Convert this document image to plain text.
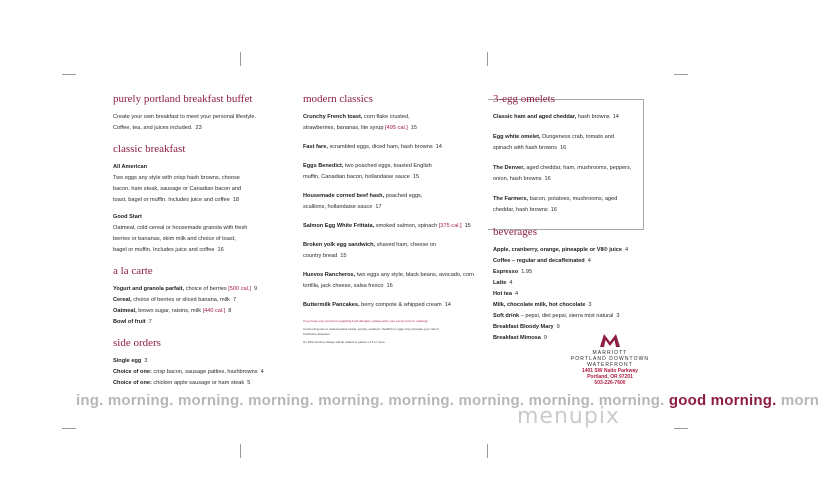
purely portland breakfast buffet
Create your own breakfast to meet your personal lifestyle.
Coffee, tea, and juices included. 23
classic breakfast
All American
Two eggs any style with crisp hash browns, choose
bacon, ham steak, sausage or Canadian bacon and
toast, bagel or muffin. Includes juice and coffee 18
Good Start
Oatmeal, cold cereal or housemade granola with fresh
berries or bananas, skim milk and choice of toast,
bagel or muffin. Includes juice and coffee 16
a la carte
Yogurt and granola parfait, choice of berries [500 cal.] 9
Cereal, choice of berries or sliced banana, milk 7
Oatmeal, brown sugar, raisins, milk [440 cal.] 8
Bowl of fruit 7
side orders
Single egg 3
Choice of one: crisp bacon, sausage patties, hashbrowns 4
Choice of one: chicken apple sausage or ham steak 5
modern classics
Crunchy French toast, corn flake crusted,
strawberries, bananas, lite syrup [495 cal.] 15
Fast fare, scrambled eggs, diced ham, hash browns 14
Eggs Benedict, two poached eggs, toasted English
muffin, Canadian bacon, hollandaise sauce 15
Housemade corned beef hash, poached eggs,
scallions, hollandaise sauce 17
Salmon Egg White Frittata, smoked salmon, spinach [375 cal.] 15
Broken yolk egg sandwich, shaved ham, cheese on
country bread 15
Huevos Rancheros, two eggs any style, black beans, avocado, corn
tortilla, jack cheese, salsa fresco 16
Buttermilk Pancakes, berry compote & whipped cream 14
If you have any concerns regarding food allergies, please alert your server prior to ordering.
Consuming raw or undercooked meats, poultry, seafood, shellfish or eggs may increase your risk of
foodborne illnesses.
An 18% service charge will be added to parties of 8 or more.
3-egg omelets
Classic ham and aged cheddar, hash browns 14
Egg white omelet, Dungeness crab, tomato and
spinach with hash browns 16
The Denver, aged cheddar, ham, mushrooms, peppers,
onion, hash browns 16
The Farmers, bacon, potatoes, mushrooms, aged
cheddar, hash browns 16
beverages
Apple, cranberry, orange, pineapple or V8® juice 4
Coffee – regular and decaffeinated 4
Espresso 1.95
Latte 4
Hot tea 4
Milk, chocolate milk, hot chocolate 3
Soft drink – pepsi, diet pepsi, sierra mist natural 3
Breakfast Bloody Mary 9
Breakfast Mimosa 9
MARRIOTT
PORTLAND DOWNTOWN
WATERFRONT
1401 SW Naito Parkway
Portland, OR 97201
503-226-7600
ing. morning. morning. morning. morning. morning. morning. morning. morning. good morning. morn
menupix
